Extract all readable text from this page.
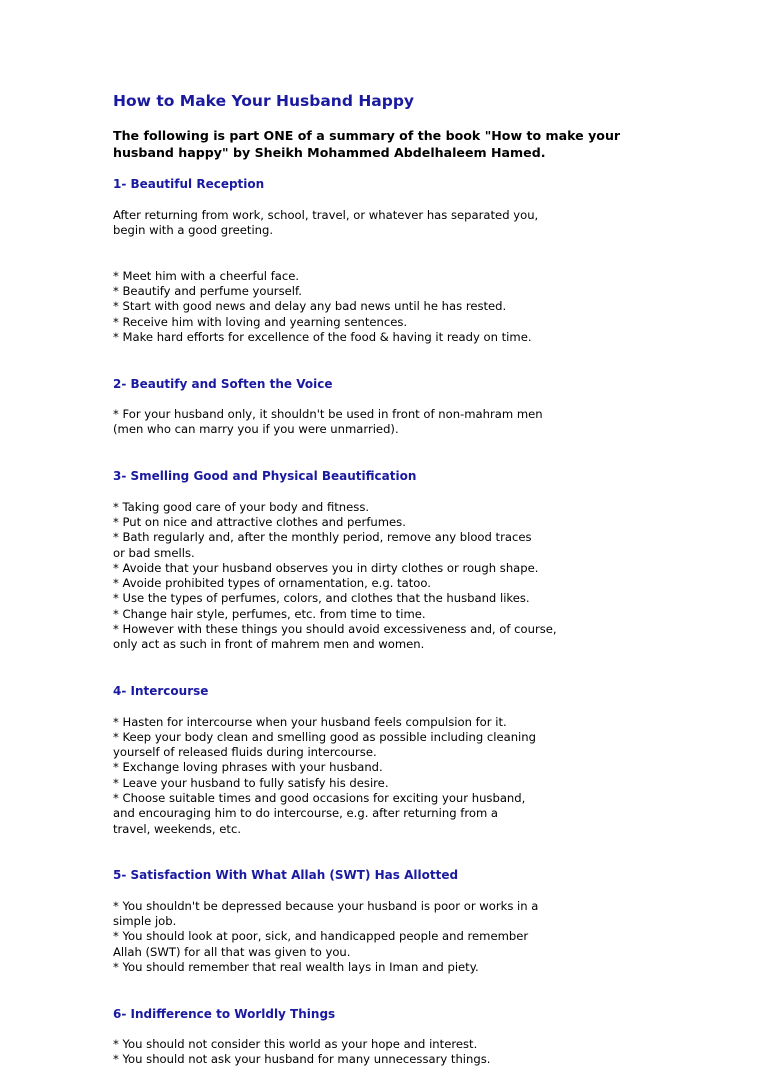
How to Make Your Husband Happy
The following is part ONE of a summary of the book "How to make your
husband happy" by Sheikh Mohammed Abdelhaleem Hamed.
1- Beautiful Reception

After returning from work, school, travel, or whatever has separated you,
begin with a good greeting.

* Meet him with a cheerful face.
* Beautify and perfume yourself.
* Start with good news and delay any bad news until he has rested.
* Receive him with loving and yearning sentences.
* Make hard efforts for excellence of the food & having it ready on time.

2- Beautify and Soften the Voice

* For your husband only, it shouldn't be used in front of non-mahram men
(men who can marry you if you were unmarried).

3- Smelling Good and Physical Beautification

* Taking good care of your body and fitness.
* Put on nice and attractive clothes and perfumes.
* Bath regularly and, after the monthly period, remove any blood traces
or bad smells.
* Avoide that your husband observes you in dirty clothes or rough shape.
* Avoide prohibited types of ornamentation, e.g. tatoo.
* Use the types of perfumes, colors, and clothes that the husband likes.
* Change hair style, perfumes, etc. from time to time.
* However with these things you should avoid excessiveness and, of course,
only act as such in front of mahrem men and women.

4- Intercourse

* Hasten for intercourse when your husband feels compulsion for it.
* Keep your body clean and smelling good as possible including cleaning
yourself of released fluids during intercourse.
* Exchange loving phrases with your husband.
* Leave your husband to fully satisfy his desire.
* Choose suitable times and good occasions for exciting your husband,
and encouraging him to do intercourse, e.g. after returning from a
travel, weekends, etc.

5- Satisfaction With What Allah (SWT) Has Allotted

* You shouldn't be depressed because your husband is poor or works in a
simple job.
* You should look at poor, sick, and handicapped people and remember
Allah (SWT) for all that was given to you.
* You should remember that real wealth lays in Iman and piety.

6- Indifference to Worldly Things

* You should not consider this world as your hope and interest.
* You should not ask your husband for many unnecessary things.
